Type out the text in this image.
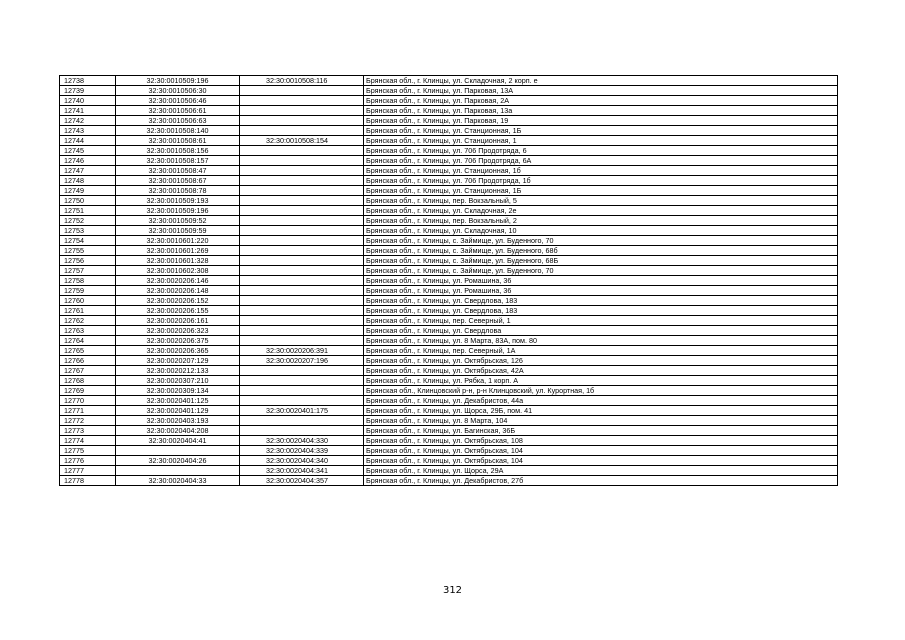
12738	32:30:0010509:196	32:30:0010508:116	Брянская обл., г. Клинцы, ул. Складочная, 2 корп. е
12739	32:30:0010506:30		Брянская обл., г. Клинцы, ул. Парковая, 13А
12740	32:30:0010506:46		Брянская обл., г. Клинцы, ул. Парковая, 2А
12741	32:30:0010506:61		Брянская обл., г. Клинцы, ул. Парковая, 13а
12742	32:30:0010506:63		Брянская обл., г. Клинцы, ул. Парковая, 19
12743	32:30:0010508:140		Брянская обл., г. Клинцы, ул. Станционная, 1Б
12744	32:30:0010508:61	32:30:0010508:154	Брянская обл., г. Клинцы, ул. Станционная, 1
12745	32:30:0010508:156		Брянская обл., г. Клинцы, ул. 706 Продотряда, 6
12746	32:30:0010508:157		Брянская обл., г. Клинцы, ул. 706 Продотряда, 6А
12747	32:30:0010508:47		Брянская обл., г. Клинцы, ул. Станционная, 1б
12748	32:30:0010508:67		Брянская обл., г. Клинцы, ул. 706 Продотряда, 1б
12749	32:30:0010508:78		Брянская обл., г. Клинцы, ул. Станционная, 1Б
12750	32:30:0010509:193		Брянская обл., г. Клинцы, пер. Вокзальный, 5
12751	32:30:0010509:196		Брянская обл., г. Клинцы, ул. Складочная, 2е
12752	32:30:0010509:52		Брянская обл., г. Клинцы, пер. Вокзальный, 2
12753	32:30:0010509:59		Брянская обл., г. Клинцы, ул. Складочная, 10
12754	32:30:0010601:220		Брянская обл., г. Клинцы, с. Займище, ул. Буденного, 70
12755	32:30:0010601:269		Брянская обл., г. Клинцы, с. Займище, ул. Буденного, 68б
12756	32:30:0010601:328		Брянская обл., г. Клинцы, с. Займище, ул. Буденного, 68Б
12757	32:30:0010602:308		Брянская обл., г. Клинцы, с. Займище, ул. Буденного, 70
12758	32:30:0020206:146		Брянская обл., г. Клинцы, ул. Ромашина, 36
12759	32:30:0020206:148		Брянская обл., г. Клинцы, ул. Ромашина, 36
12760	32:30:0020206:152		Брянская обл., г. Клинцы, ул. Свердлова, 183
12761	32:30:0020206:155		Брянская обл., г. Клинцы, ул. Свердлова, 183
12762	32:30:0020206:161		Брянская обл., г. Клинцы, пер. Северный, 1
12763	32:30:0020206:323		Брянская обл., г. Клинцы, ул. Свердлова
12764	32:30:0020206:375		Брянская обл., г. Клинцы, ул. 8 Марта, 83А, пом. 80
12765	32:30:0020206:365	32:30:0020206:391	Брянская обл., г. Клинцы, пер. Северный, 1А
12766	32:30:0020207:129	32:30:0020207:196	Брянская обл., г. Клинцы, ул. Октябрьская, 126
12767	32:30:0020212:133		Брянская обл., г. Клинцы, ул. Октябрьская, 42А
12768	32:30:0020307:210		Брянская обл., г. Клинцы, ул. Рябка, 1 корп. А
12769	32:30:0020309:134		Брянская обл., Клинцовский р-н, р-н Клинцовский, ул. Курортная, 1б
12770	32:30:0020401:125		Брянская обл., г. Клинцы, ул. Декабристов, 44а
12771	32:30:0020401:129	32:30:0020401:175	Брянская обл., г. Клинцы, ул. Щорса, 29Б, пом. 41
12772	32:30:0020403:193		Брянская обл., г. Клинцы, ул. 8 Марта, 104
12773	32:30:0020404:208		Брянская обл., г. Клинцы, ул. Багинская, 36Б
12774	32:30:0020404:41	32:30:0020404:330	Брянская обл., г. Клинцы, ул. Октябрьская, 108
12775		32:30:0020404:339	Брянская обл., г. Клинцы, ул. Октябрьская, 104
12776	32:30:0020404:26	32:30:0020404:340	Брянская обл., г. Клинцы, ул. Октябрьская, 104
12777		32:30:0020404:341	Брянская обл., г. Клинцы, ул. Щорса, 29А
12778	32:30:0020404:33	32:30:0020404:357	Брянская обл., г. Клинцы, ул. Декабристов, 27б
312
